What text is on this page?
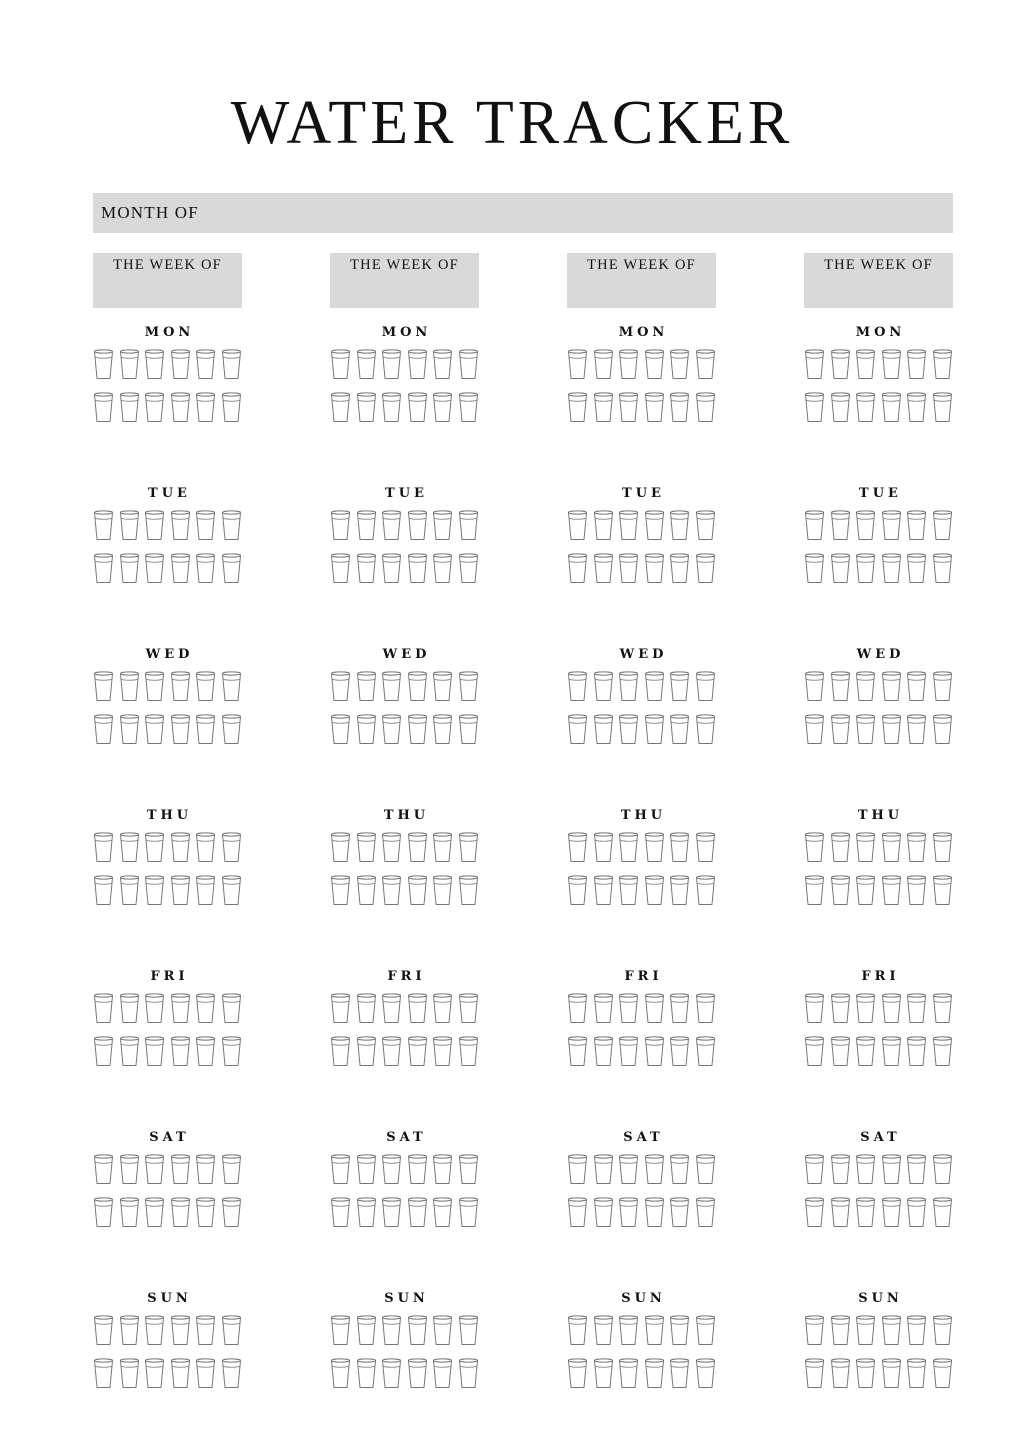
WATER TRACKER
MONTH OF
THE WEEK OF
MON
TUE
WED
THU
FRI
SAT
SUN
THE WEEK OF
MON
TUE
WED
THU
FRI
SAT
SUN
THE WEEK OF
MON
TUE
WED
THU
FRI
SAT
SUN
THE WEEK OF
MON
TUE
WED
THU
FRI
SAT
SUN
